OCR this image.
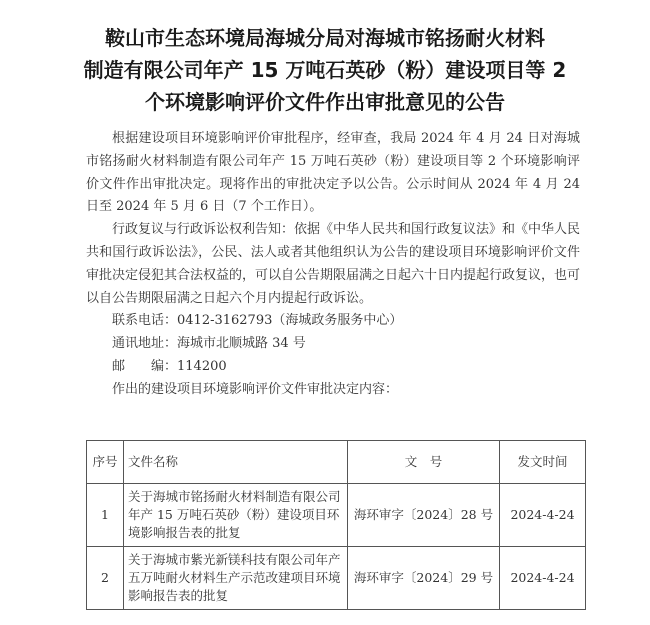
鞍山市生态环境局海城分局对海城市铭扬耐火材料
制造有限公司年产 15 万吨石英砂（粉）建设项目等 2
个环境影响评价文件作出审批意见的公告

根据建设项目环境影响评价审批程序，经审查，我局 2024 年 4 月 24 日对海城市铭扬耐火材料制造有限公司年产 15 万吨石英砂（粉）建设项目等 2 个环境影响评价文件作出审批决定。现将作出的审批决定予以公告。公示时间从 2024 年 4 月 24 日至 2024 年 5 月 6 日（7 个工作日）。

行政复议与行政诉讼权利告知：依据《中华人民共和国行政复议法》和《中华人民共和国行政诉讼法》，公民、法人或者其他组织认为公告的建设项目环境影响评价文件审批决定侵犯其合法权益的，可以自公告期限届满之日起六十日内提起行政复议，也可以自公告期限届满之日起六个月内提起行政诉讼。

联系电话：0412-3162793（海城政务服务中心）
通讯地址：海城市北顺城路 34 号
邮　　编：114200
作出的建设项目环境影响评价文件审批决定内容：
序号	文件名称	文　号	发文时间
1	关于海城市铭扬耐火材料制造有限公司年产 15 万吨石英砂（粉）建设项目环境影响报告表的批复	海环审字〔2024〕28 号	2024-4-24
2	关于海城市紫光新镁科技有限公司年产五万吨耐火材料生产示范改建项目环境影响报告表的批复	海环审字〔2024〕29 号	2024-4-24
